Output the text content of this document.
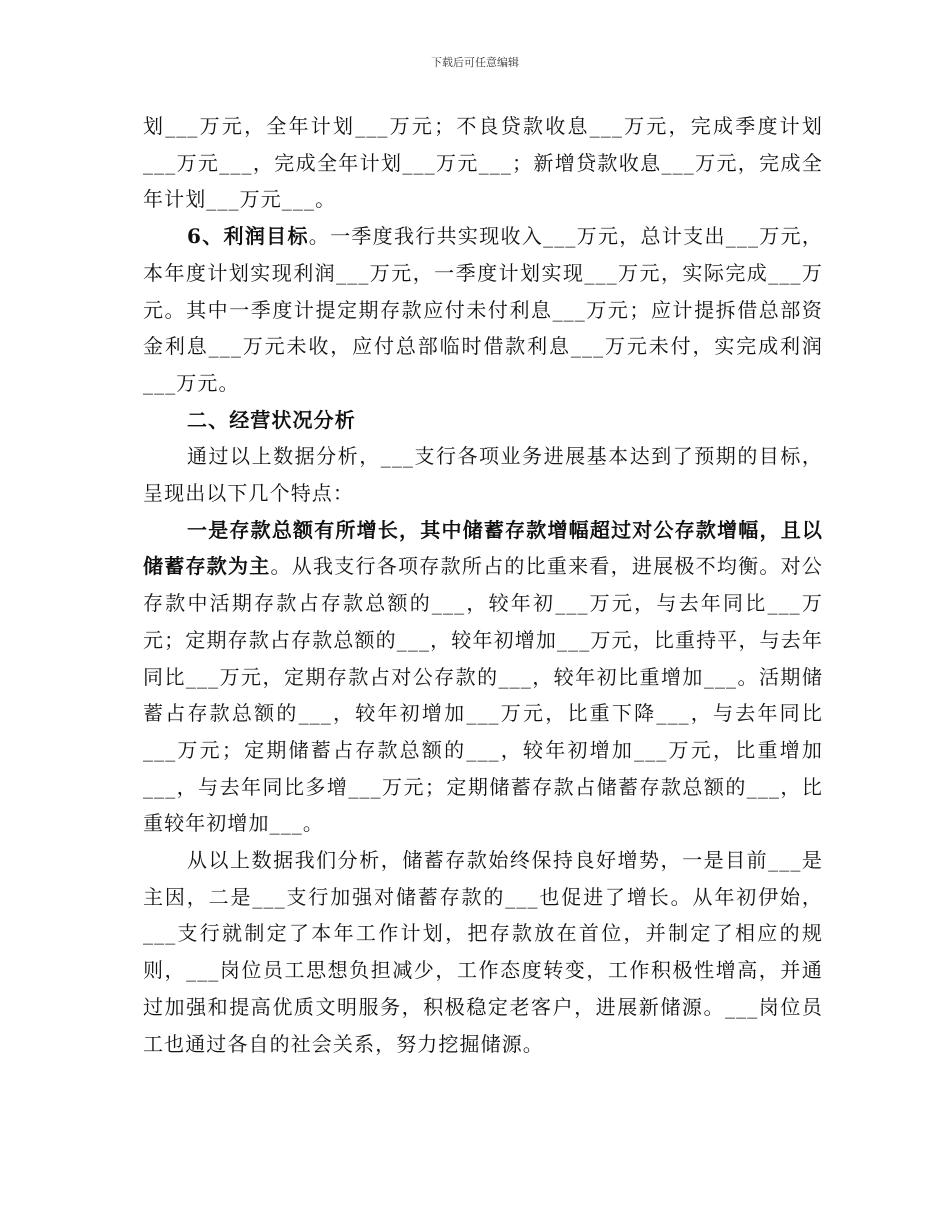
下载后可任意编辑

划___万元，全年计划___万元；不良贷款收息___万元，完成季度计划___万元___，完成全年计划___万元___；新增贷款收息___万元，完成全年计划___万元___。

6、利润目标。一季度我行共实现收入___万元，总计支出___万元，本年度计划实现利润___万元，一季度计划实现___万元，实际完成___万元。其中一季度计提定期存款应付未付利息___万元；应计提拆借总部资金利息___万元未收，应付总部临时借款利息___万元未付，实完成利润___万元。

二、经营状况分析

通过以上数据分析，___支行各项业务进展基本达到了预期的目标，呈现出以下几个特点：

一是存款总额有所增长，其中储蓄存款增幅超过对公存款增幅，且以储蓄存款为主。从我支行各项存款所占的比重来看，进展极不均衡。对公存款中活期存款占存款总额的___，较年初___万元，与去年同比___万元；定期存款占存款总额的___，较年初增加___万元，比重持平，与去年同比___万元，定期存款占对公存款的___，较年初比重增加___。活期储蓄占存款总额的___，较年初增加___万元，比重下降___，与去年同比___万元；定期储蓄占存款总额的___，较年初增加___万元，比重增加___，与去年同比多增___万元；定期储蓄存款占储蓄存款总额的___，比重较年初增加___。

从以上数据我们分析，储蓄存款始终保持良好增势，一是目前___是主因，二是___支行加强对储蓄存款的___也促进了增长。从年初伊始，___支行就制定了本年工作计划，把存款放在首位，并制定了相应的规则，___岗位员工思想负担减少，工作态度转变，工作积极性增高，并通过加强和提高优质文明服务，积极稳定老客户，进展新储源。___岗位员工也通过各自的社会关系，努力挖掘储源。
